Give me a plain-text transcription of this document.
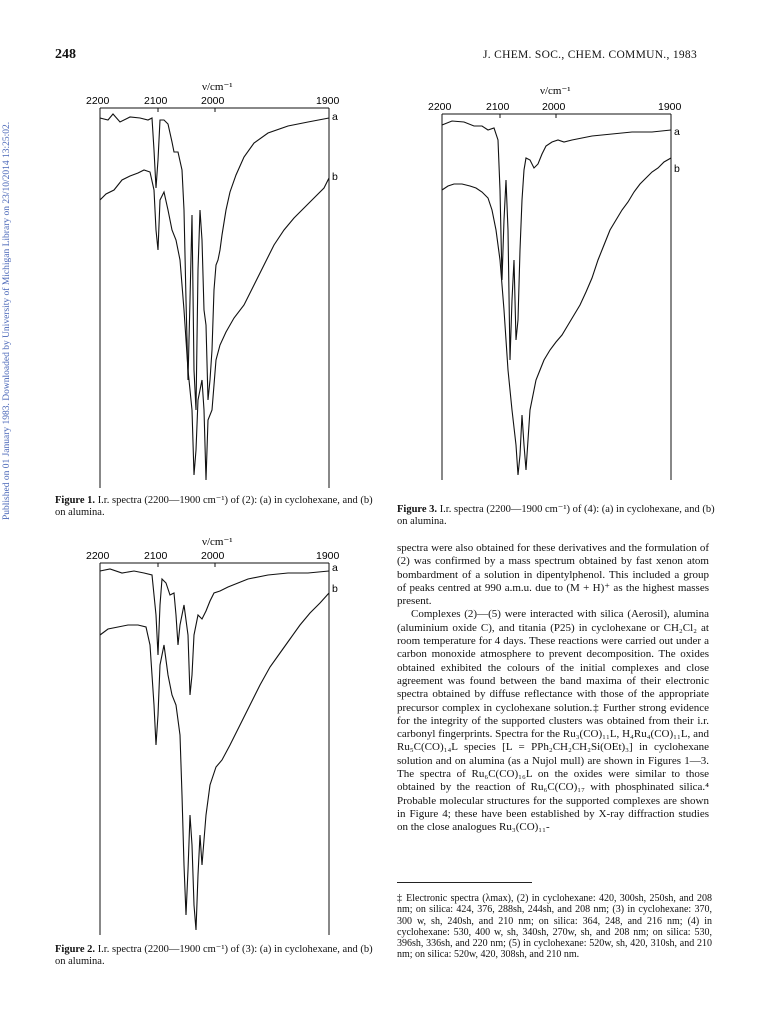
248	J. CHEM. SOC., CHEM. COMMUN., 1983
Published on 01 January 1983. Downloaded by University of Michigan Library on 23/10/2014 13:25:02.
ν/cm⁻¹
2200	2100	2000	1900
a
b
Figure 1. I.r. spectra (2200—1900 cm⁻¹) of (2): (a) in cyclohexane, and (b) on alumina.
ν/cm⁻¹
2200	2100	2000	1900
a
b
Figure 2. I.r. spectra (2200—1900 cm⁻¹) of (3): (a) in cyclohexane, and (b) on alumina.
ν/cm⁻¹
2200	2100	2000	1900
a
b
Figure 3. I.r. spectra (2200—1900 cm⁻¹) of (4): (a) in cyclohexane, and (b) on alumina.

spectra were also obtained for these derivatives and the formulation of (2) was confirmed by a mass spectrum obtained by fast xenon atom bombardment of a solution in dipentylphenol. This included a group of peaks centred at 990 a.m.u. due to (M + H)⁺ as the highest masses present.

Complexes (2)—(5) were interacted with silica (Aerosil), alumina (aluminium oxide C), and titania (P25) in cyclohexane or CH₂Cl₂ at room temperature for 4 days. These reactions were carried out under a carbon monoxide atmosphere to prevent decomposition. The oxides obtained exhibited the colours of the initial complexes and close agreement was found between the band maxima of their electronic spectra obtained by diffuse reflectance with those of the appropriate precursor complex in cyclohexane solution.‡ Further strong evidence for the integrity of the supported clusters was obtained from their i.r. carbonyl fingerprints. Spectra for the Ru₃(CO)₁₁L, H₄Ru₄(CO)₁₁L, and Ru₅C(CO)₁₄L species [L = PPh₂CH₂CH₂Si(OEt)₃] in cyclohexane solution and on alumina (as a Nujol mull) are shown in Figures 1—3. The spectra of Ru₆C(CO)₁₆L on the oxides were similar to those obtained by the reaction of Ru₆C(CO)₁₇ with phosphinated silica.⁴ Probable molecular structures for the supported complexes are shown in Figure 4; these have been established by X-ray diffraction studies on the close analogues Ru₃(CO)₁₁-

‡ Electronic spectra (λmax), (2) in cyclohexane: 420, 300sh, 250sh, and 208 nm; on silica: 424, 376, 288sh, 244sh, and 208 nm; (3) in cyclohexane: 370, 300 w, sh, 240sh, and 210 nm; on silica: 364, 248, and 216 nm; (4) in cyclohexane: 530, 400 w, sh, 340sh, 270w, sh, and 208 nm; on silica: 530, 396sh, 336sh, and 220 nm; (5) in cyclohexane: 520w, sh, 420, 310sh, and 210 nm; on silica: 520w, 420, 308sh, and 210 nm.
